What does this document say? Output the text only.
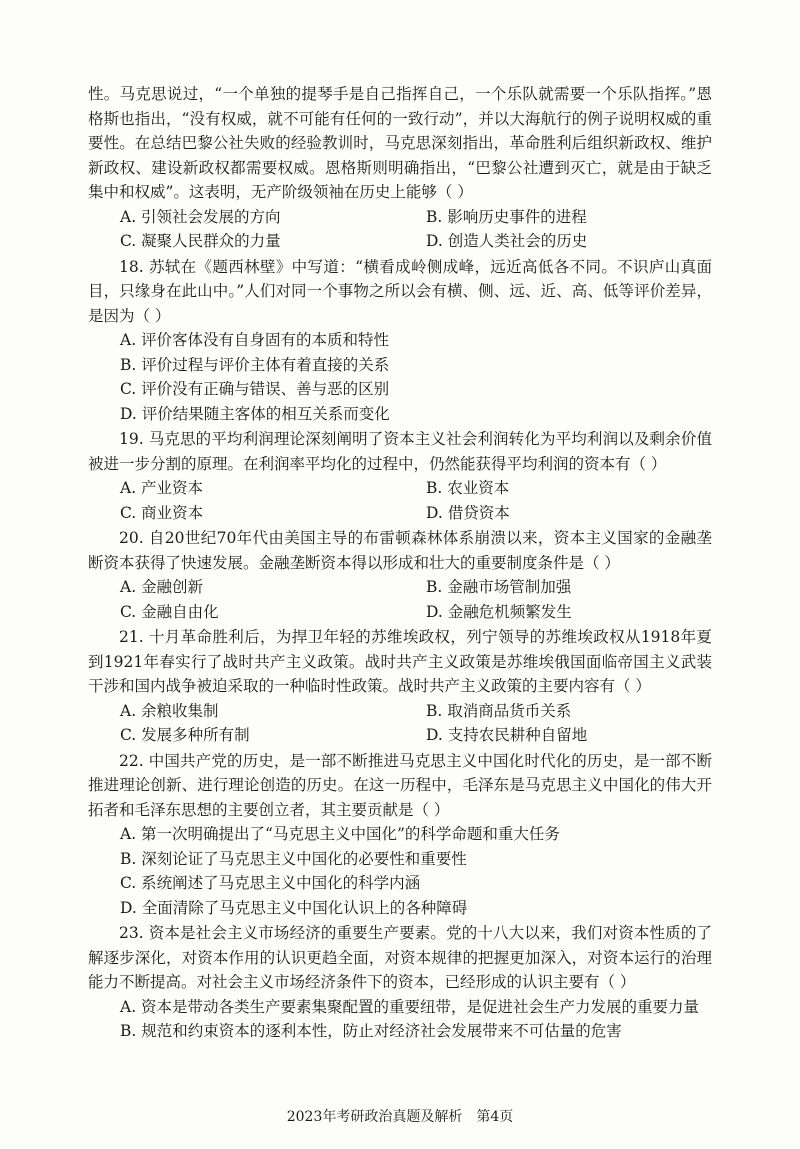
性。马克思说过，“一个单独的提琴手是自己指挥自己，一个乐队就需要一个乐队指挥。”恩格斯也指出，“没有权威，就不可能有任何的一致行动”，并以大海航行的例子说明权威的重要性。在总结巴黎公社失败的经验教训时，马克思深刻指出，革命胜利后组织新政权、维护新政权、建设新政权都需要权威。恩格斯则明确指出，“巴黎公社遭到灭亡，就是由于缺乏集中和权威”。这表明，无产阶级领袖在历史上能够（ ）

A. 引领社会发展的方向	B. 影响历史事件的进程
C. 凝聚人民群众的力量	D. 创造人类社会的历史

18. 苏轼在《题西林壁》中写道：“横看成岭侧成峰，远近高低各不同。不识庐山真面目，只缘身在此山中。”人们对同一个事物之所以会有横、侧、远、近、高、低等评价差异，是因为（ ）

A. 评价客体没有自身固有的本质和特性
B. 评价过程与评价主体有着直接的关系
C. 评价没有正确与错误、善与恶的区别
D. 评价结果随主客体的相互关系而变化

19. 马克思的平均利润理论深刻阐明了资本主义社会利润转化为平均利润以及剩余价值被进一步分割的原理。在利润率平均化的过程中，仍然能获得平均利润的资本有（ ）

A. 产业资本	B. 农业资本
C. 商业资本	D. 借贷资本

20. 自20世纪70年代由美国主导的布雷顿森林体系崩溃以来，资本主义国家的金融垄断资本获得了快速发展。金融垄断资本得以形成和壮大的重要制度条件是（ ）

A. 金融创新	B. 金融市场管制加强
C. 金融自由化	D. 金融危机频繁发生

21. 十月革命胜利后，为捍卫年轻的苏维埃政权，列宁领导的苏维埃政权从1918年夏到1921年春实行了战时共产主义政策。战时共产主义政策是苏维埃俄国面临帝国主义武装干涉和国内战争被迫采取的一种临时性政策。战时共产主义政策的主要内容有（ ）

A. 余粮收集制	B. 取消商品货币关系
C. 发展多种所有制	D. 支持农民耕种自留地

22. 中国共产党的历史，是一部不断推进马克思主义中国化时代化的历史，是一部不断推进理论创新、进行理论创造的历史。在这一历程中，毛泽东是马克思主义中国化的伟大开拓者和毛泽东思想的主要创立者，其主要贡献是（ ）

A. 第一次明确提出了“马克思主义中国化”的科学命题和重大任务
B. 深刻论证了马克思主义中国化的必要性和重要性
C. 系统阐述了马克思主义中国化的科学内涵
D. 全面清除了马克思主义中国化认识上的各种障碍

23. 资本是社会主义市场经济的重要生产要素。党的十八大以来，我们对资本性质的了解逐步深化，对资本作用的认识更趋全面，对资本规律的把握更加深入，对资本运行的治理能力不断提高。对社会主义市场经济条件下的资本，已经形成的认识主要有（ ）

A. 资本是带动各类生产要素集聚配置的重要纽带，是促进社会生产力发展的重要力量
B. 规范和约束资本的逐利本性，防止对经济社会发展带来不可估量的危害
2023年考研政治真题及解析　第4页
